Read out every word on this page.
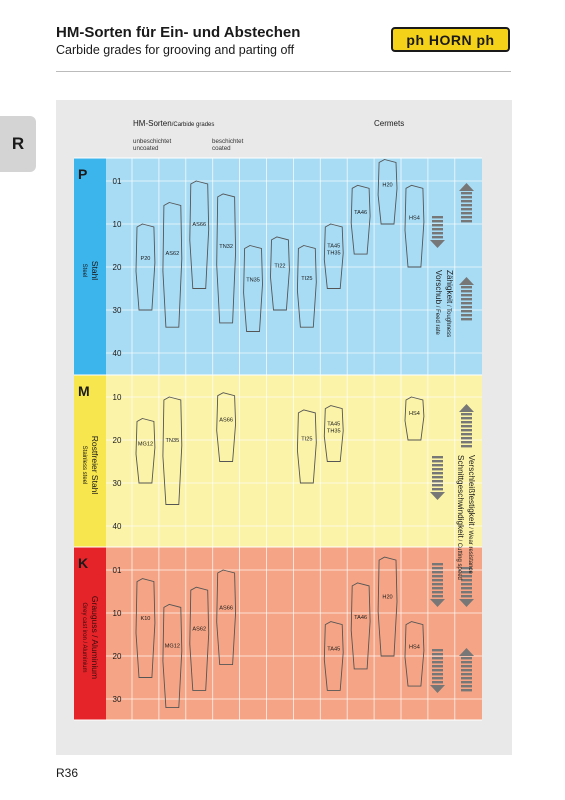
HM-Sorten für Ein- und Abstechen
Carbide grades for grooving and parting off
ph HORN ph
R
HM-Sorten/Carbide grades	Cermets
unbeschichtet
uncoated
beschichtet
coated
01
10
20
30
40
P
Stahl
Steel
10
20
30
40
M
Rostfreier Stahl
Stainless steel
01
10
20
30
K
Grauguss / Aluminium
Grey cast iron / Aluminium
P20
AS62
AS66
TN32
TN35
TI22
TI25
TA45
TH35
TA46
H20
HS4
MG12
TN35
AS66
TI25
TA45
TH35
HS4
K10
MG12
AS62
AS66
TA45
TA46
H20
HS4
Zähigkeit / Toughness
Vorschub / Feed rate
Verschleißfestigkeit / Wear resistance
Schnittgeschwindigkeit / Cutting speed
R36
